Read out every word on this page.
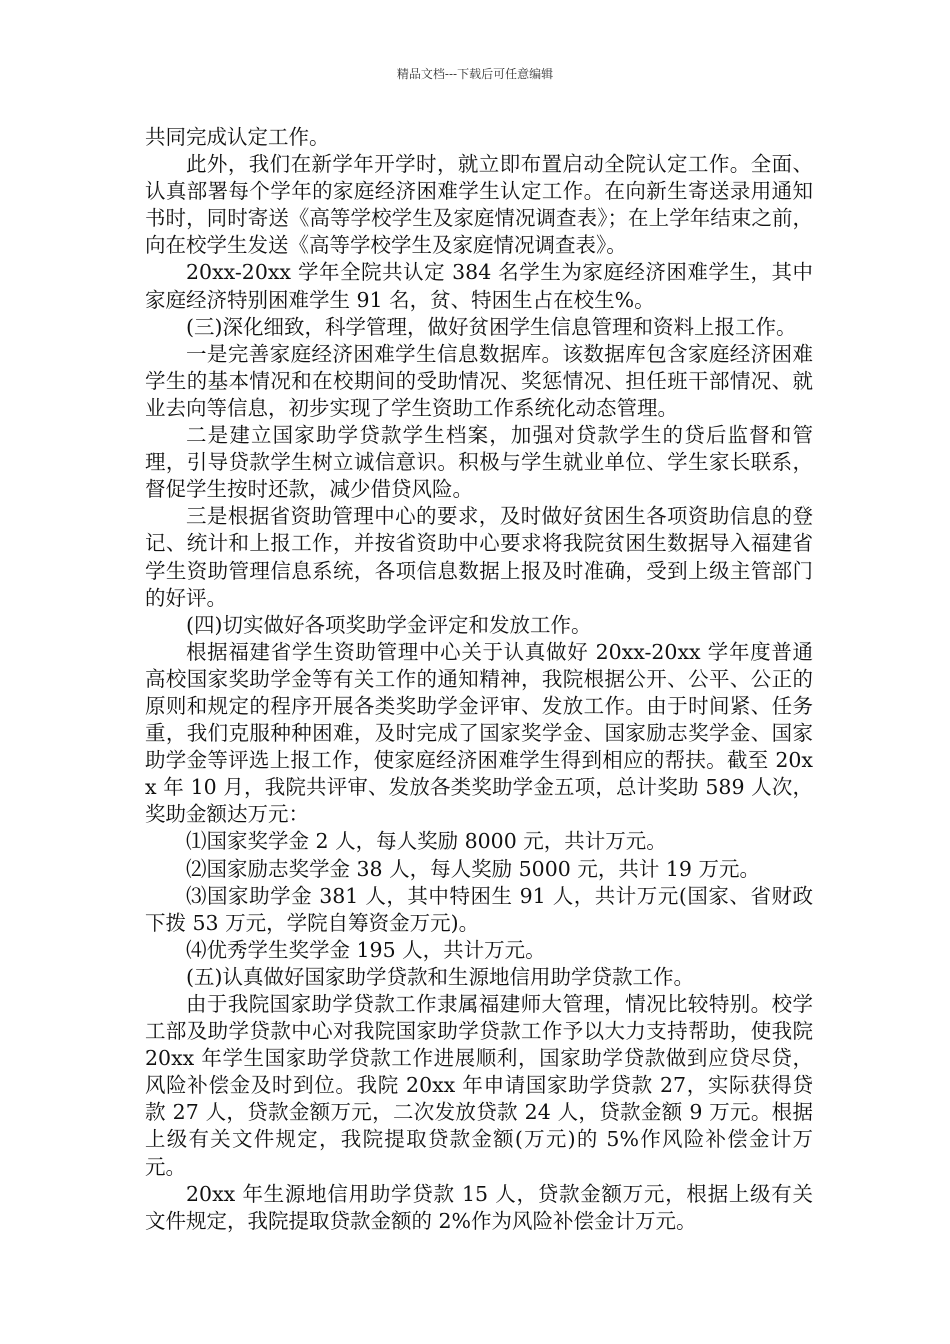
精品文档---下载后可任意编辑

共同完成认定工作。

此外，我们在新学年开学时，就立即布置启动全院认定工作。全面、认真部署每个学年的家庭经济困难学生认定工作。在向新生寄送录用通知书时，同时寄送《高等学校学生及家庭情况调查表》；在上学年结束之前，向在校学生发送《高等学校学生及家庭情况调查表》。

20xx-20xx 学年全院共认定 384 名学生为家庭经济困难学生，其中家庭经济特别困难学生 91 名，贫、特困生占在校生%。

(三)深化细致，科学管理，做好贫困学生信息管理和资料上报工作。

一是完善家庭经济困难学生信息数据库。该数据库包含家庭经济困难学生的基本情况和在校期间的受助情况、奖惩情况、担任班干部情况、就业去向等信息，初步实现了学生资助工作系统化动态管理。

二是建立国家助学贷款学生档案，加强对贷款学生的贷后监督和管理，引导贷款学生树立诚信意识。积极与学生就业单位、学生家长联系，督促学生按时还款，减少借贷风险。

三是根据省资助管理中心的要求，及时做好贫困生各项资助信息的登记、统计和上报工作，并按省资助中心要求将我院贫困生数据导入福建省学生资助管理信息系统，各项信息数据上报及时准确，受到上级主管部门的好评。

(四)切实做好各项奖助学金评定和发放工作。

根据福建省学生资助管理中心关于认真做好 20xx-20xx 学年度普通高校国家奖助学金等有关工作的通知精神，我院根据公开、公平、公正的原则和规定的程序开展各类奖助学金评审、发放工作。由于时间紧、任务重，我们克服种种困难，及时完成了国家奖学金、国家励志奖学金、国家助学金等评选上报工作，使家庭经济困难学生得到相应的帮扶。截至 20xx 年 10 月，我院共评审、发放各类奖助学金五项，总计奖助 589 人次，奖助金额达万元：

⑴国家奖学金 2 人，每人奖励 8000 元，共计万元。

⑵国家励志奖学金 38 人，每人奖励 5000 元，共计 19 万元。

⑶国家助学金 381 人，其中特困生 91 人，共计万元(国家、省财政下拨 53 万元，学院自筹资金万元)。

⑷优秀学生奖学金 195 人，共计万元。

(五)认真做好国家助学贷款和生源地信用助学贷款工作。

由于我院国家助学贷款工作隶属福建师大管理，情况比较特别。校学工部及助学贷款中心对我院国家助学贷款工作予以大力支持帮助，使我院 20xx 年学生国家助学贷款工作进展顺利，国家助学贷款做到应贷尽贷，风险补偿金及时到位。我院 20xx 年申请国家助学贷款 27，实际获得贷款 27 人，贷款金额万元，二次发放贷款 24 人，贷款金额 9 万元。根据上级有关文件规定，我院提取贷款金额(万元)的 5%作风险补偿金计万元。

20xx 年生源地信用助学贷款 15 人，贷款金额万元，根据上级有关文件规定，我院提取贷款金额的 2%作为风险补偿金计万元。
